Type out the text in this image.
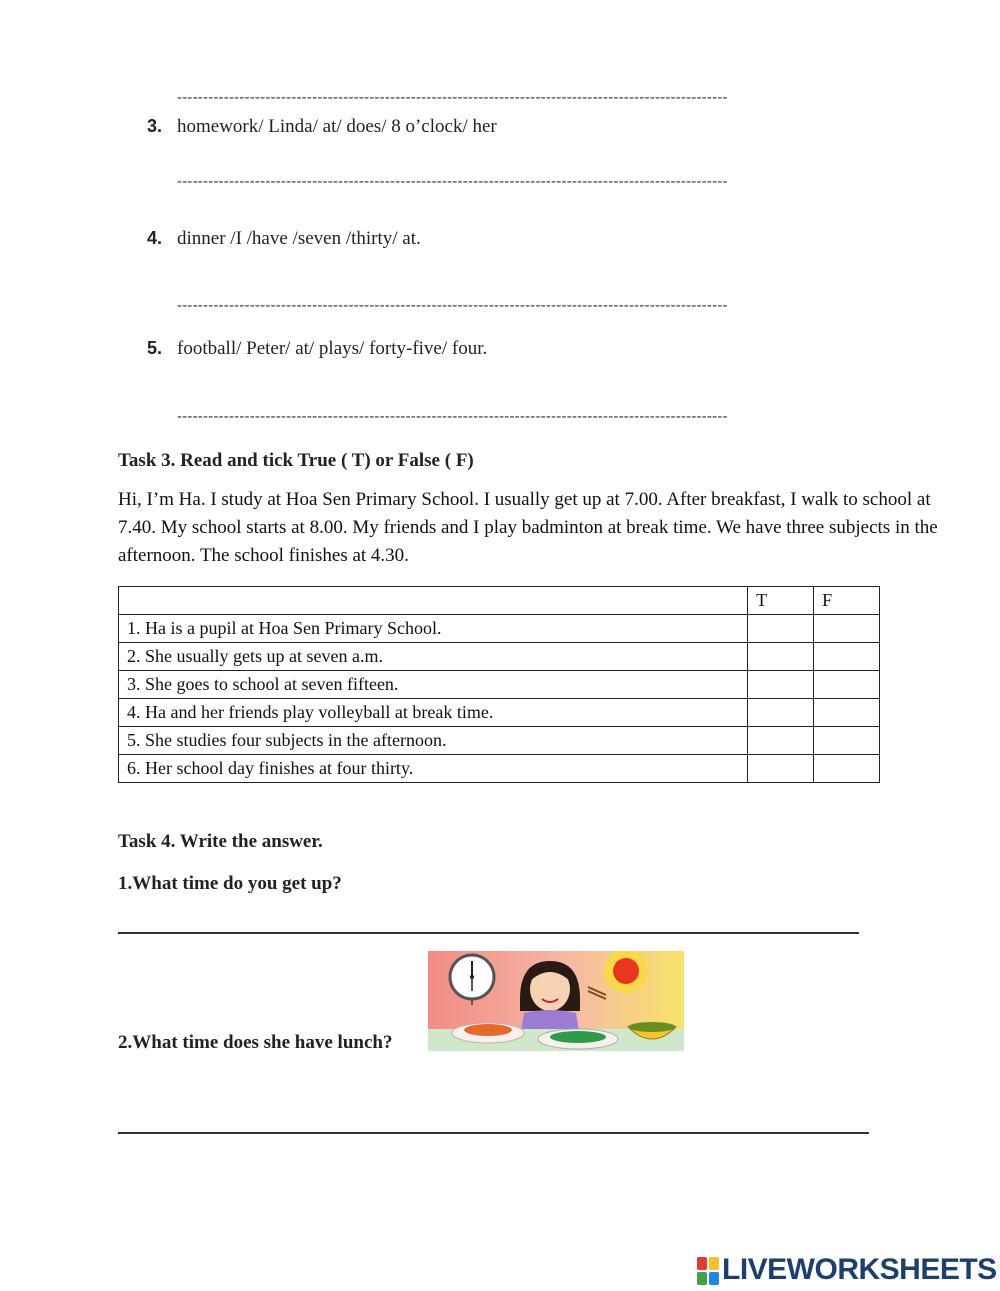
----------------------------------------------------------------------------------------------------------
3. homework/ Linda/ at/ does/ 8 o’clock/ her
----------------------------------------------------------------------------------------------------------
4. dinner /I /have /seven /thirty/ at.
----------------------------------------------------------------------------------------------------------
5. football/ Peter/ at/ plays/ forty-five/ four.
----------------------------------------------------------------------------------------------------------
Task 3. Read and tick True ( T) or False ( F)
Hi, I’m Ha. I study at Hoa Sen Primary School. I usually get up at 7.00. After breakfast, I walk to school at 7.40. My school starts at 8.00. My friends and I play badminton at break time. We have three subjects in the afternoon. The school finishes at 4.30.
	T	F
1. Ha is a pupil at Hoa Sen Primary School.		
2. She usually gets up at seven a.m.		
3. She goes to school at seven fifteen.		
4. Ha and her friends play volleyball at break time.		
5. She studies four subjects in the afternoon.		
6. Her school day finishes at four thirty.		
Task 4. Write the answer.
1.What time do you get up?
2.What time does she have lunch?
LIVEWORKSHEETS
